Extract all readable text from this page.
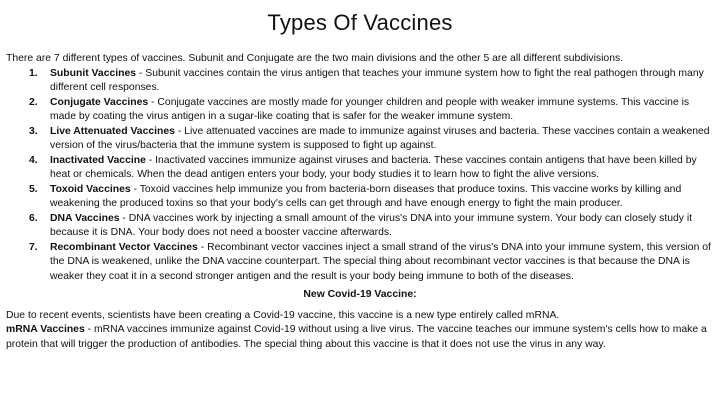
Types Of Vaccines

There are 7 different types of vaccines. Subunit and Conjugate are the two main divisions and the other 5 are all different subdivisions.

1.	Subunit Vaccines - Subunit vaccines contain the virus antigen that teaches your immune system how to fight the real pathogen through many different cell responses.
2.	Conjugate Vaccines - Conjugate vaccines are mostly made for younger children and people with weaker immune systems. This vaccine is made by coating the virus antigen in a sugar-like coating that is safer for the weaker immune system.
3.	Live Attenuated Vaccines - Live attenuated vaccines are made to immunize against viruses and bacteria. These vaccines contain a weakened version of the virus/bacteria that the immune system is supposed to fight up against.
4.	Inactivated Vaccine - Inactivated vaccines immunize against viruses and bacteria. These vaccines contain antigens that have been killed by heat or chemicals. When the dead antigen enters your body, your body studies it to learn how to fight the alive versions.
5.	Toxoid Vaccines - Toxoid vaccines help immunize you from bacteria-born diseases that produce toxins. This vaccine works by killing and weakening the produced toxins so that your body's cells can get through and have enough energy to fight the main producer.
6.	DNA Vaccines - DNA vaccines work by injecting a small amount of the virus's DNA into your immune system. Your body can closely study it because it is DNA. Your body does not need a booster vaccine afterwards.
7.	Recombinant Vector Vaccines - Recombinant vector vaccines inject a small strand of the virus's DNA into your immune system, this version of the DNA is weakened, unlike the DNA vaccine counterpart. The special thing about recombinant vector vaccines is that because the DNA is weaker they coat it in a second stronger antigen and the result is your body being immune to both of the diseases.
New Covid-19 Vaccine:

Due to recent events, scientists have been creating a Covid-19 vaccine, this vaccine is a new type entirely called mRNA.

mRNA Vaccines - mRNA vaccines immunize against Covid-19 without using a live virus. The vaccine teaches our immune system's cells how to make a protein that will trigger the production of antibodies. The special thing about this vaccine is that it does not use the virus in any way.
